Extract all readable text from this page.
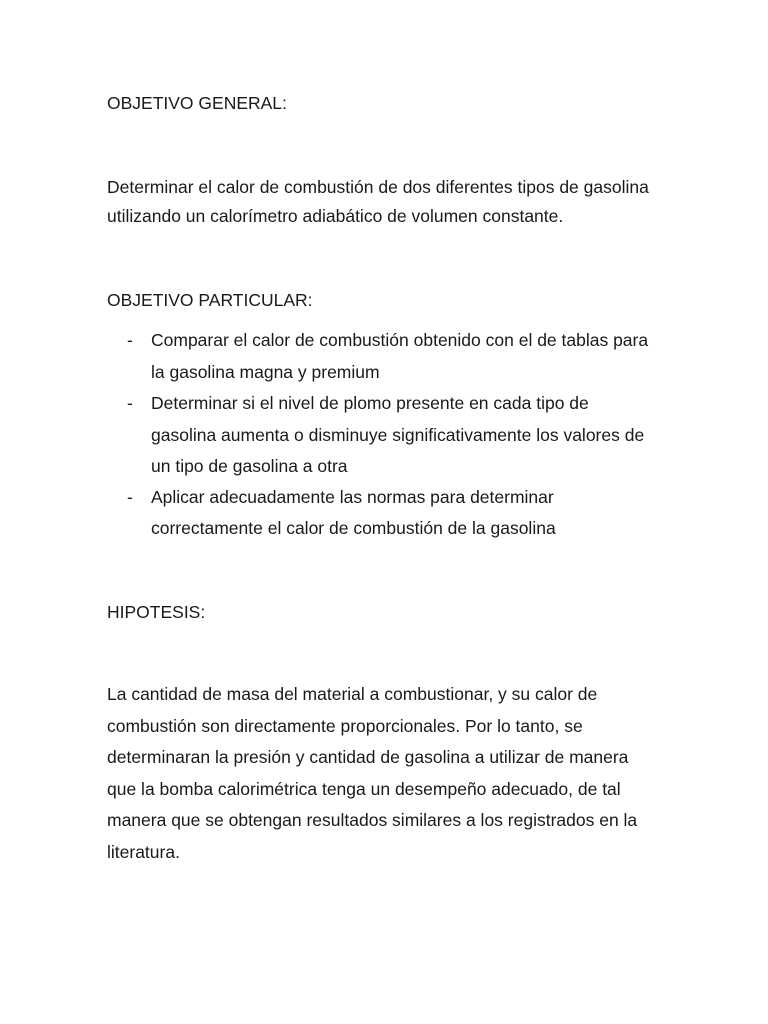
OBJETIVO GENERAL:
Determinar el calor de combustión de dos diferentes tipos de gasolina
utilizando un calorímetro adiabático de volumen constante.
OBJETIVO PARTICULAR:
- Comparar el calor de combustión obtenido con el de tablas para
la gasolina magna y premium
- Determinar si el nivel de plomo presente en cada tipo de
gasolina aumenta o disminuye significativamente los valores de
un tipo de gasolina a otra
- Aplicar adecuadamente las normas para determinar
correctamente el calor de combustión de la gasolina
HIPOTESIS:
La cantidad de masa del material a combustionar, y su calor de
combustión son directamente proporcionales. Por lo tanto, se
determinaran la presión y cantidad de gasolina a utilizar de manera
que la bomba calorimétrica tenga un desempeño adecuado, de tal
manera que se obtengan resultados similares a los registrados en la
literatura.
